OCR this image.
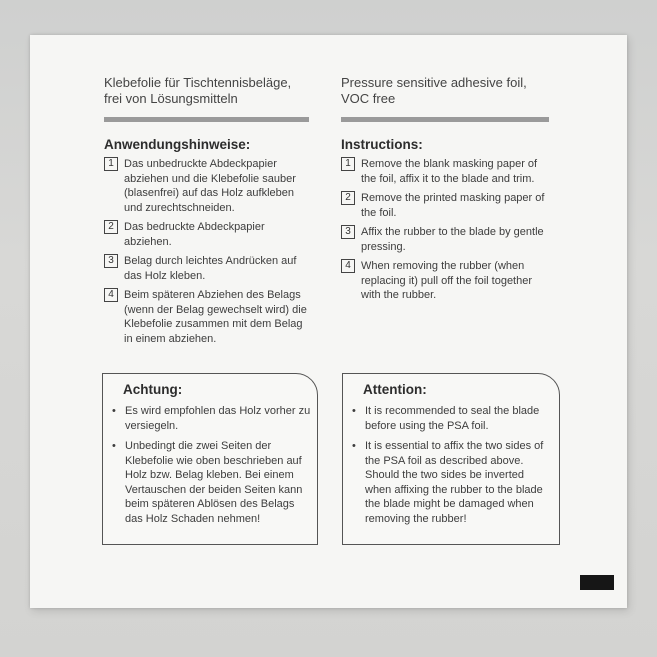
Klebefolie für Tischtennisbeläge,
frei von Lösungsmitteln
Anwendungshinweise:
1 Das unbedruckte Abdeckpapier abziehen und die Klebefolie sauber (blasenfrei) auf das Holz aufkleben und zurechtschneiden.
2 Das bedruckte Abdeckpapier abziehen.
3 Belag durch leichtes Andrücken auf das Holz kleben.
4 Beim späteren Abziehen des Belags (wenn der Belag gewechselt wird) die Klebefolie zusammen mit dem Belag in einem abziehen.
Achtung:
• Es wird empfohlen das Holz vorher zu versiegeln.
• Unbedingt die zwei Seiten der Klebefolie wie oben beschrieben auf Holz bzw. Belag kleben. Bei einem Vertauschen der beiden Seiten kann beim späteren Ablösen des Belags das Holz Schaden nehmen!
Pressure sensitive adhesive foil,
VOC free
Instructions:
1 Remove the blank masking paper of the foil, affix it to the blade and trim.
2 Remove the printed masking paper of the foil.
3 Affix the rubber to the blade by gentle pressing.
4 When removing the rubber (when replacing it) pull off the foil together with the rubber.
Attention:
• It is recommended to seal the blade before using the PSA foil.
• It is essential to affix the two sides of the PSA foil as described above. Should the two sides be inverted when affixing the rubber to the blade the blade might be damaged when removing the rubber!
